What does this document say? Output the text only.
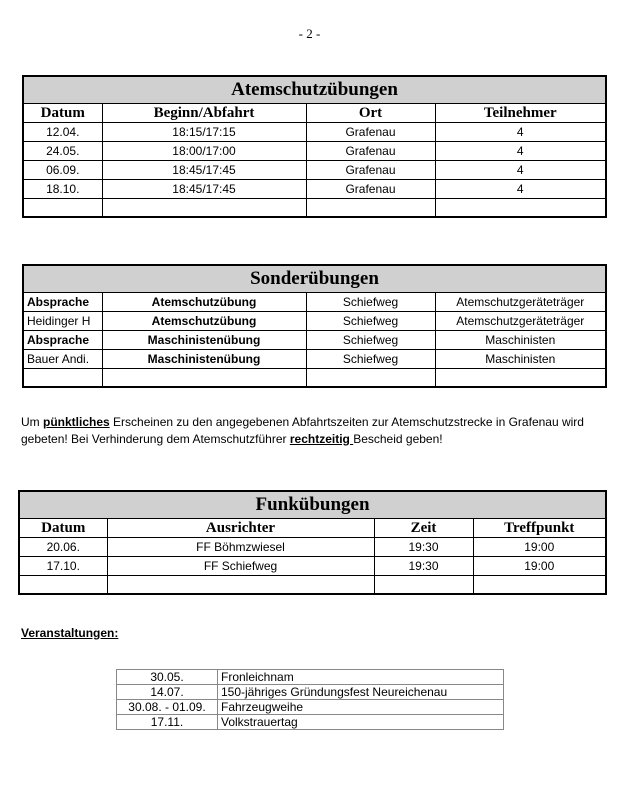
- 2 -
Atemschutzübungen			
Datum	Beginn/Abfahrt	Ort	Teilnehmer
12.04.	18:15/17:15	Grafenau	4
24.05.	18:00/17:00	Grafenau	4
06.09.	18:45/17:45	Grafenau	4
18.10.	18:45/17:45	Grafenau	4

Sonderübungen			
Absprache	Atemschutzübung	Schiefweg	Atemschutzgeräteträger
Heidinger H	Atemschutzübung	Schiefweg	Atemschutzgeräteträger
Absprache	Maschinistenübung	Schiefweg	Maschinisten
Bauer Andi.	Maschinistenübung	Schiefweg	Maschinisten

Um pünktliches Erscheinen zu den angegebenen Abfahrtszeiten zur Atemschutzstrecke in Grafenau wird gebeten! Bei Verhinderung dem Atemschutzführer rechtzeitig Bescheid geben!
Funkübungen			
Datum	Ausrichter	Zeit	Treffpunkt
20.06.	FF Böhmzwiesel	19:30	19:00
17.10.	FF Schiefweg	19:30	19:00

Veranstaltungen:
30.05.	Fronleichnam
14.07.	150-jähriges Gründungsfest Neureichenau
30.08. - 01.09.	Fahrzeugweihe
17.11.	Volkstrauertag
